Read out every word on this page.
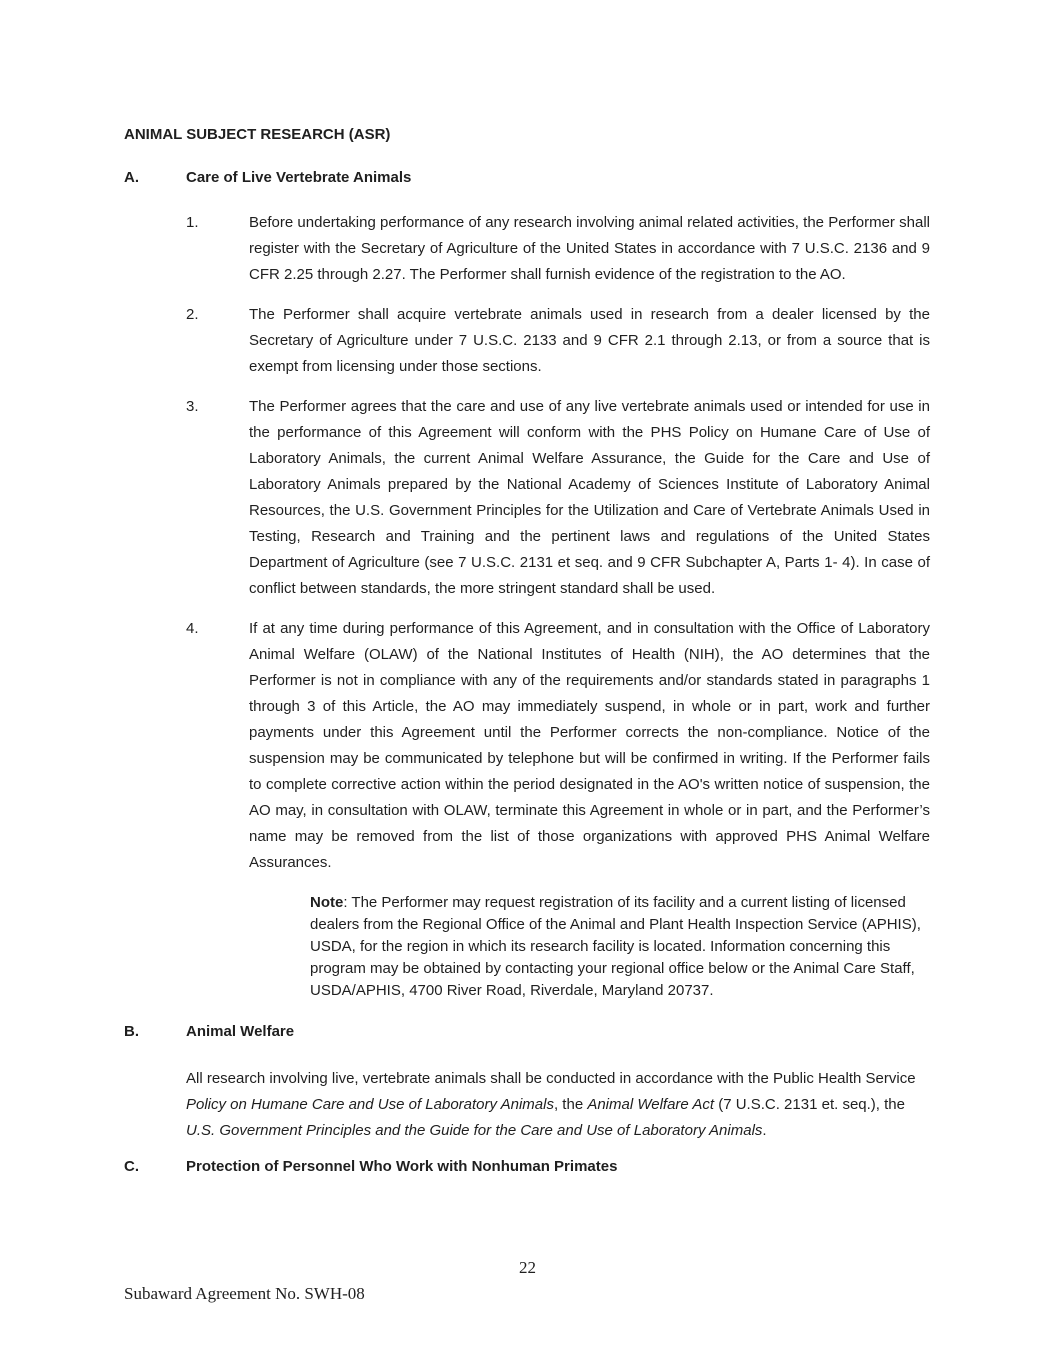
ANIMAL SUBJECT RESEARCH (ASR)
A.	Care of Live Vertebrate Animals
1.	Before undertaking performance of any research involving animal related activities, the Performer shall register with the Secretary of Agriculture of the United States in accordance with 7 U.S.C. 2136 and 9 CFR 2.25 through 2.27. The Performer shall furnish evidence of the registration to the AO.

2.	The Performer shall acquire vertebrate animals used in research from a dealer licensed by the Secretary of Agriculture under 7 U.S.C. 2133 and 9 CFR 2.1 through 2.13, or from a source that is exempt from licensing under those sections.

3.	The Performer agrees that the care and use of any live vertebrate animals used or intended for use in the performance of this Agreement will conform with the PHS Policy on Humane Care of Use of Laboratory Animals, the current Animal Welfare Assurance, the Guide for the Care and Use of Laboratory Animals prepared by the National Academy of Sciences Institute of Laboratory Animal Resources, the U.S. Government Principles for the Utilization and Care of Vertebrate Animals Used in Testing, Research and Training and the pertinent laws and regulations of the United States Department of Agriculture (see 7 U.S.C. 2131 et seq. and 9 CFR Subchapter A, Parts 1- 4). In case of conflict between standards, the more stringent standard shall be used.

4.	If at any time during performance of this Agreement, and in consultation with the Office of Laboratory Animal Welfare (OLAW) of the National Institutes of Health (NIH), the AO determines that the Performer is not in compliance with any of the requirements and/or standards stated in paragraphs 1 through 3 of this Article, the AO may immediately suspend, in whole or in part, work and further payments under this Agreement until the Performer corrects the non-compliance. Notice of the suspension may be communicated by telephone but will be confirmed in writing. If the Performer fails to complete corrective action within the period designated in the AO's written notice of suspension, the AO may, in consultation with OLAW, terminate this Agreement in whole or in part, and the Performer’s name may be removed from the list of those organizations with approved PHS Animal Welfare Assurances.

Note: The Performer may request registration of its facility and a current listing of licensed dealers from the Regional Office of the Animal and Plant Health Inspection Service (APHIS), USDA, for the region in which its research facility is located. Information concerning this program may be obtained by contacting your regional office below or the Animal Care Staff, USDA/APHIS, 4700 River Road, Riverdale, Maryland 20737.
B.	Animal Welfare

All research involving live, vertebrate animals shall be conducted in accordance with the Public Health Service Policy on Humane Care and Use of Laboratory Animals, the Animal Welfare Act (7 U.S.C. 2131 et. seq.), the U.S. Government Principles and the Guide for the Care and Use of Laboratory Animals.

C.	Protection of Personnel Who Work with Nonhuman Primates
22
Subaward Agreement No. SWH-08
